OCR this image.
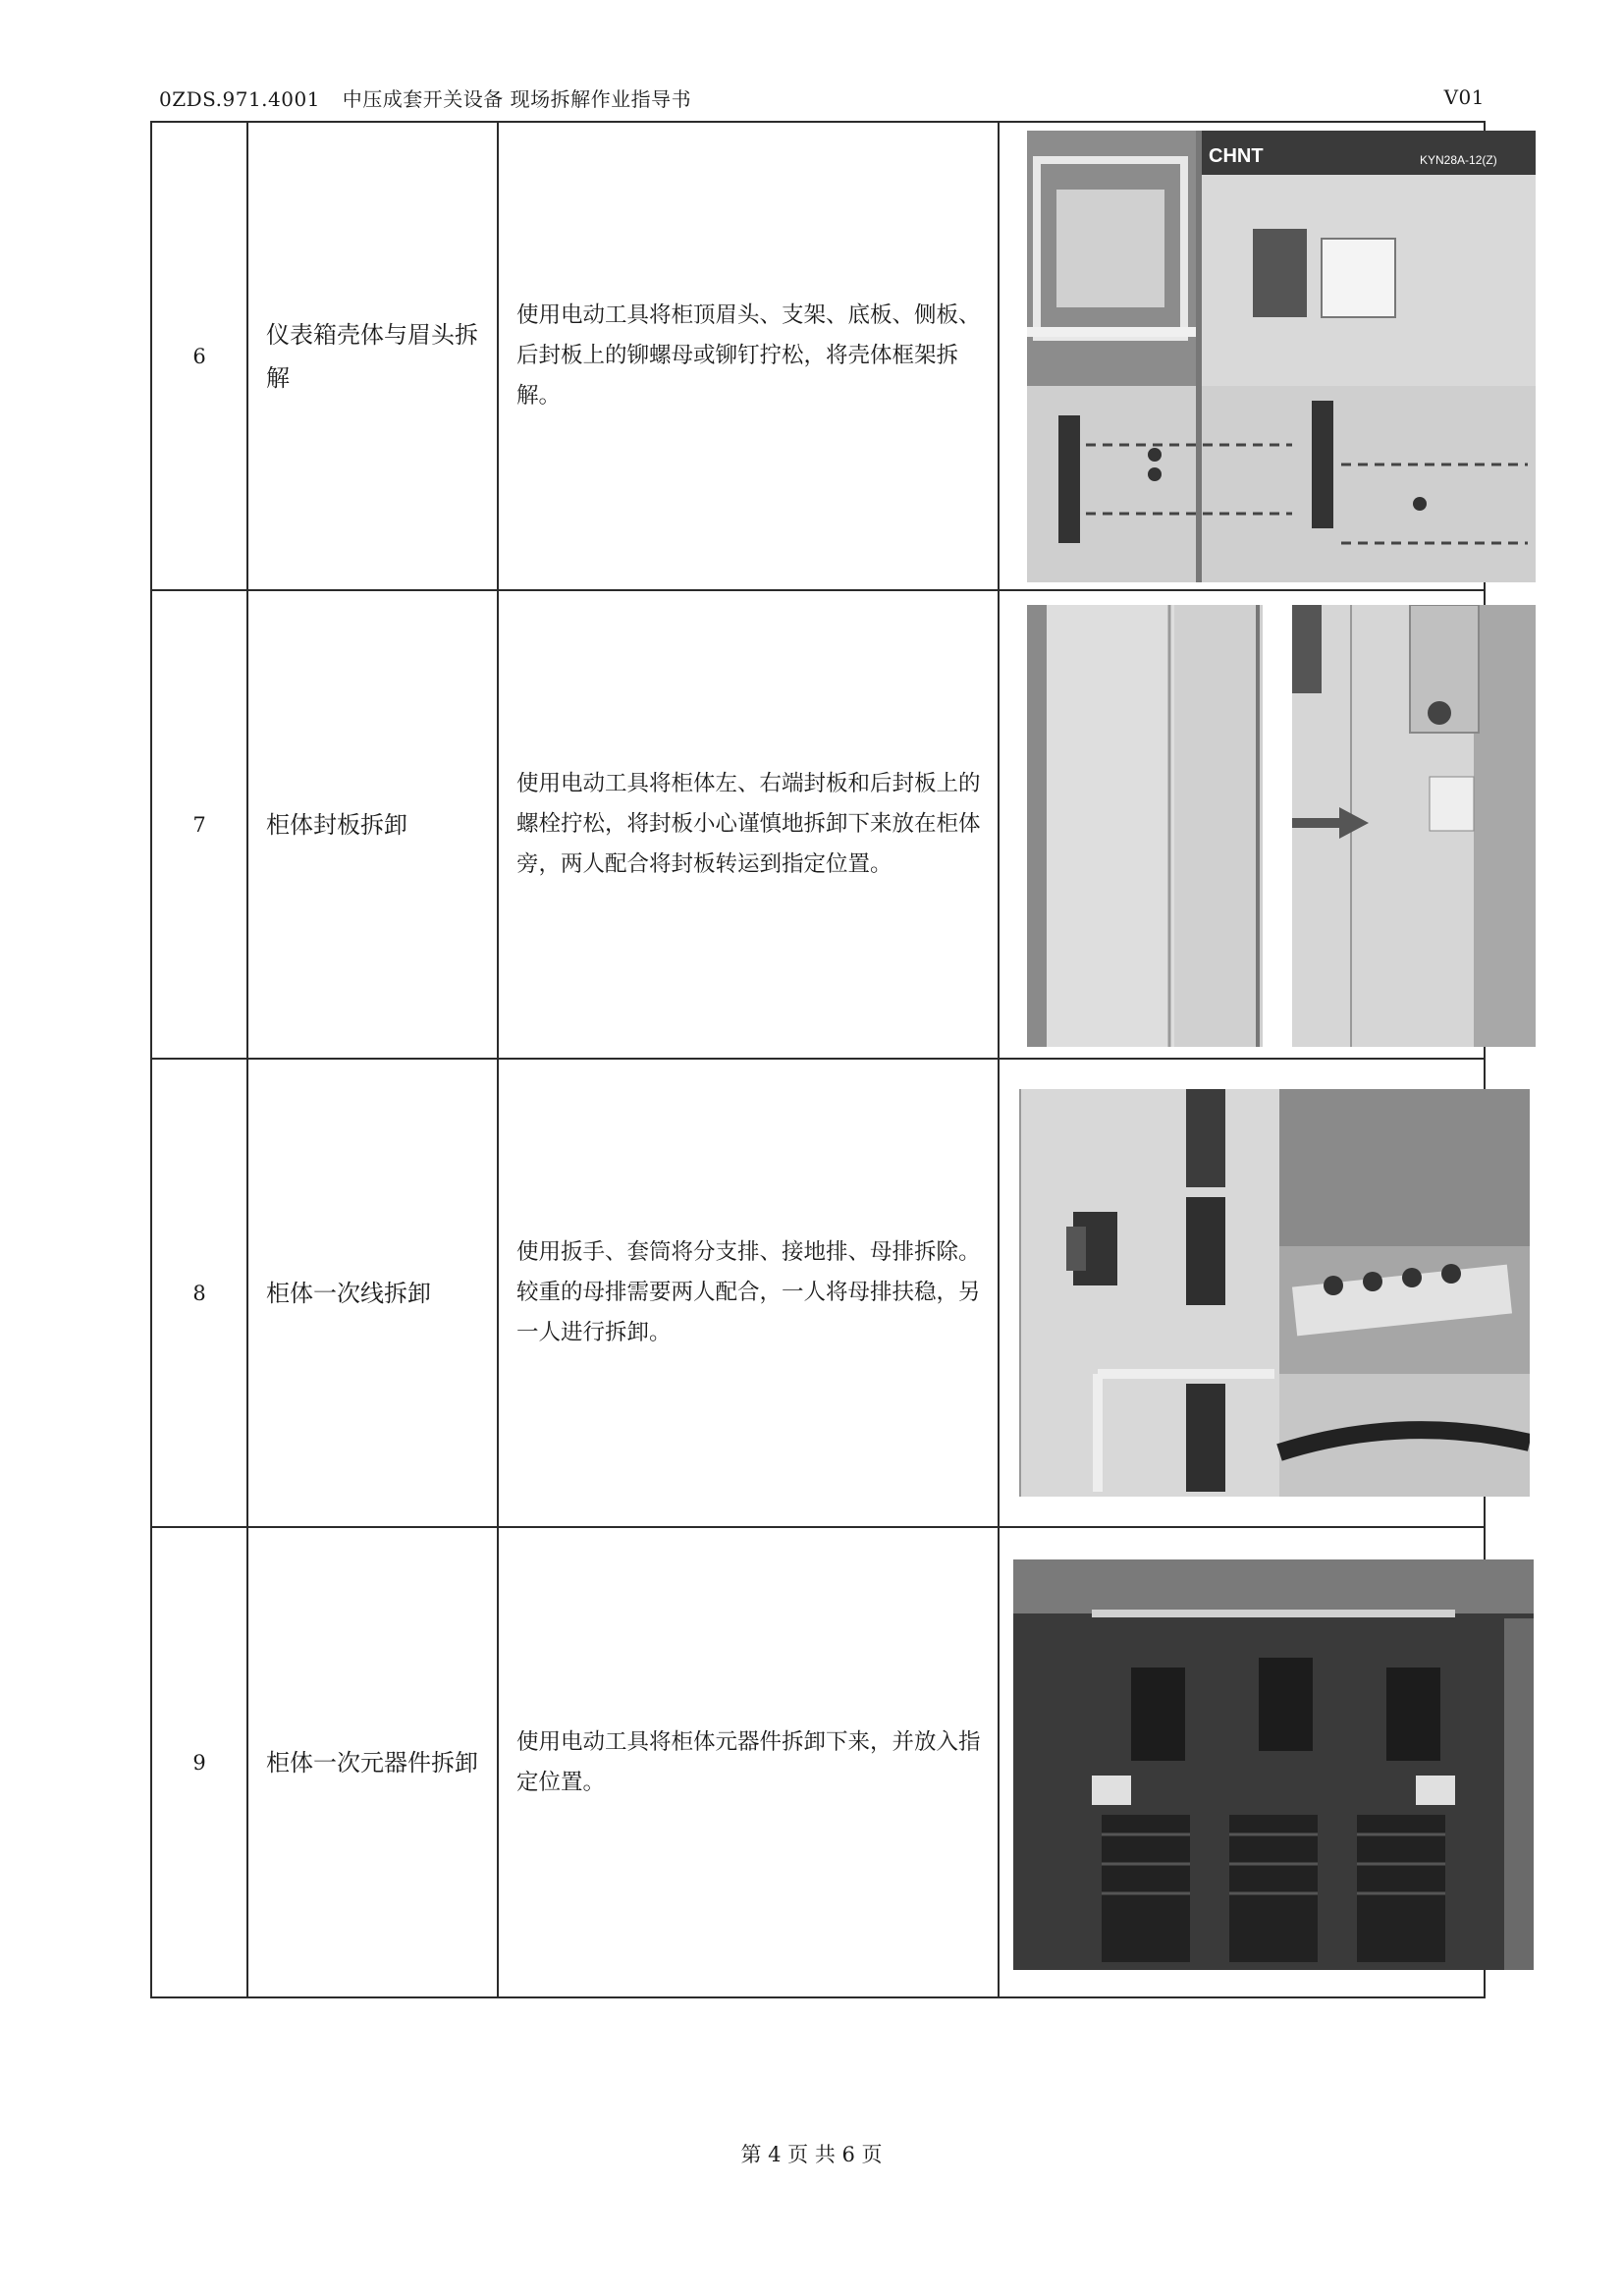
0ZDS.971.4001 中压成套开关设备 现场拆解作业指导书	V01
6	仪表箱壳体与眉头拆解	使用电动工具将柜顶眉头、支架、底板、侧板、后封板上的铆螺母或铆钉拧松，将壳体框架拆解。	CHNT KYN28A-12(Z)

7	柜体封板拆卸	使用电动工具将柜体左、右端封板和后封板上的螺栓拧松，将封板小心谨慎地拆卸下来放在柜体旁，两人配合将封板转运到指定位置。	

8	柜体一次线拆卸	使用扳手、套筒将分支排、接地排、母排拆除。较重的母排需要两人配合，一人将母排扶稳，另一人进行拆卸。	

9	柜体一次元器件拆卸	使用电动工具将柜体元器件拆卸下来，并放入指定位置。	
第 4 页 共 6 页
